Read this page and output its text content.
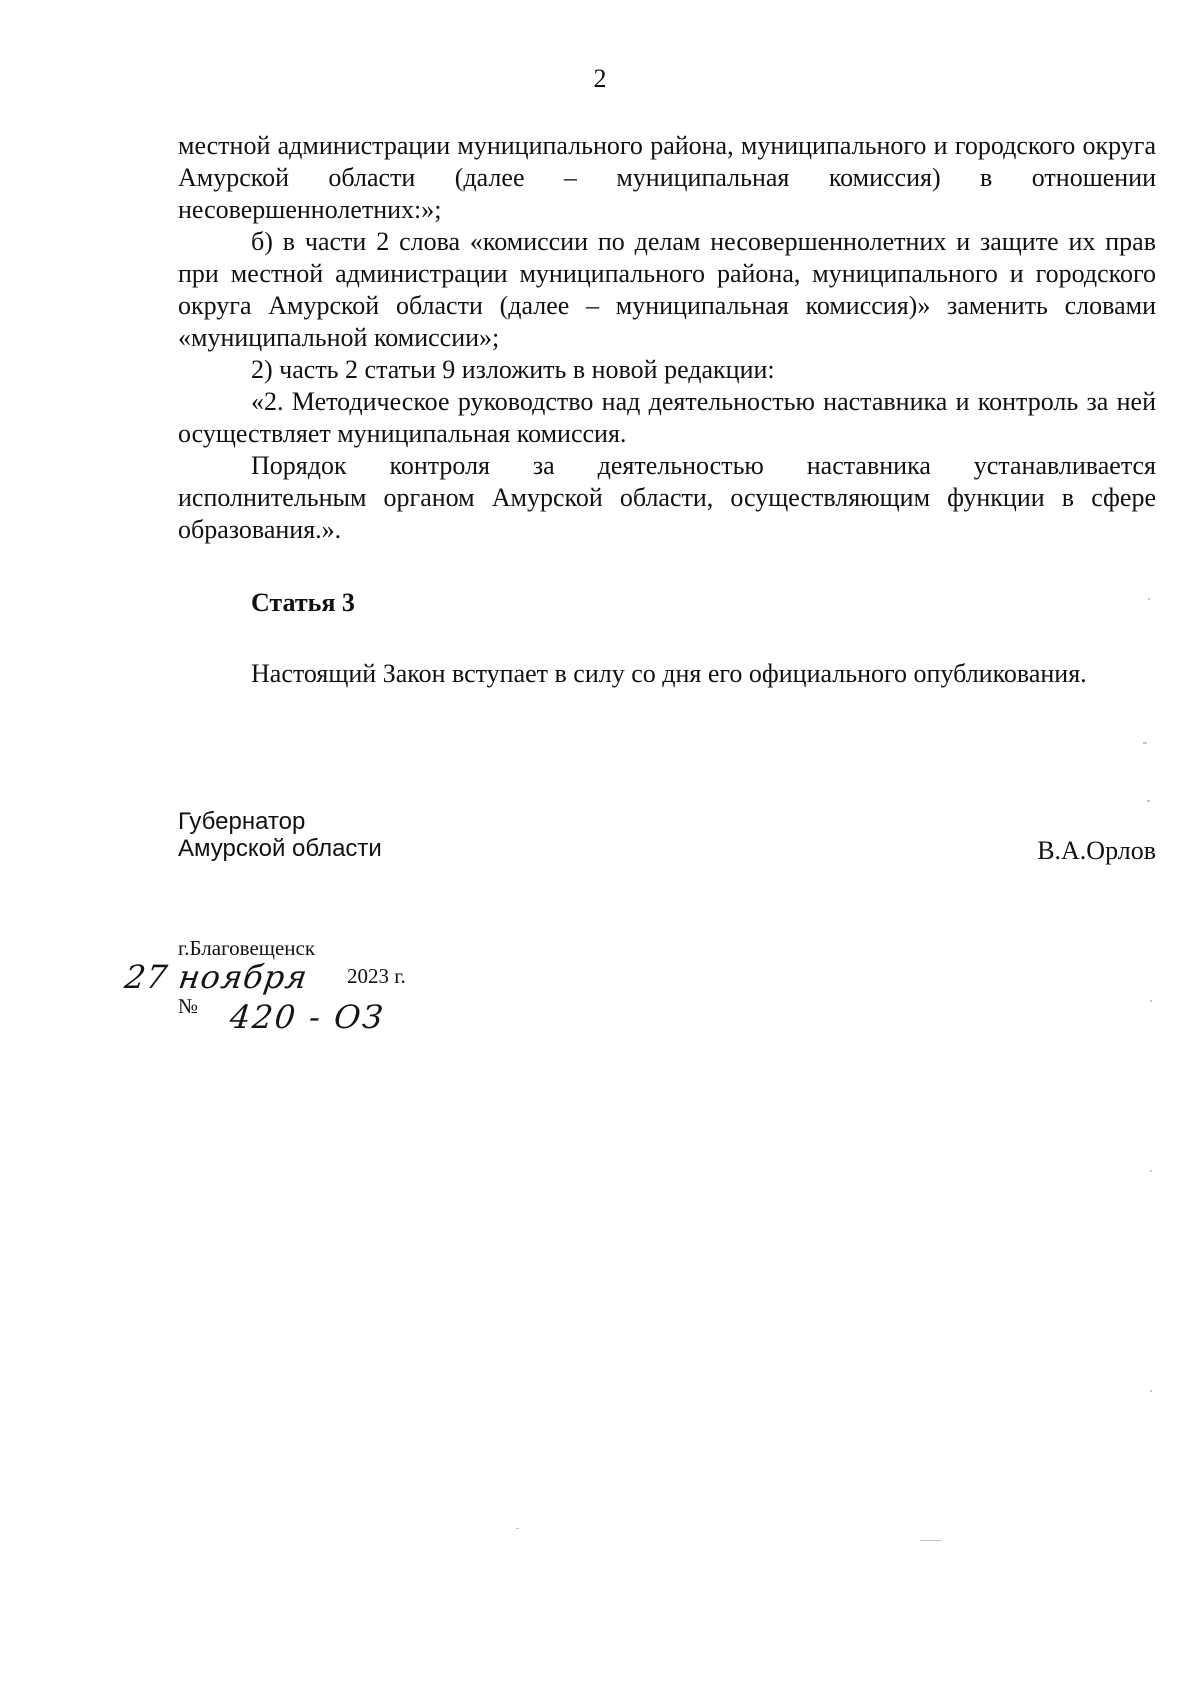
2

местной администрации муниципального района, муниципального и городского округа Амурской области (далее – муниципальная комиссия) в отношении несовершеннолетних:»;

б) в части 2 слова «комиссии по делам несовершеннолетних и защите их прав при местной администрации муниципального района, муниципального и городского округа Амурской области (далее – муниципальная комиссия)» заменить словами «муниципальной комиссии»;

2) часть 2 статьи 9 изложить в новой редакции:

«2. Методическое руководство над деятельностью наставника и контроль за ней осуществляет муниципальная комиссия.

Порядок контроля за деятельностью наставника устанавливается исполнительным органом Амурской области, осуществляющим функции в сфере образования.».

Статья 3
Настоящий Закон вступает в силу со дня его официального опубликования.
Губернатор
Амурской области	В.А.Орлов
г.Благовещенск
27 ноября 2023 г.
№ 420 - ОЗ
